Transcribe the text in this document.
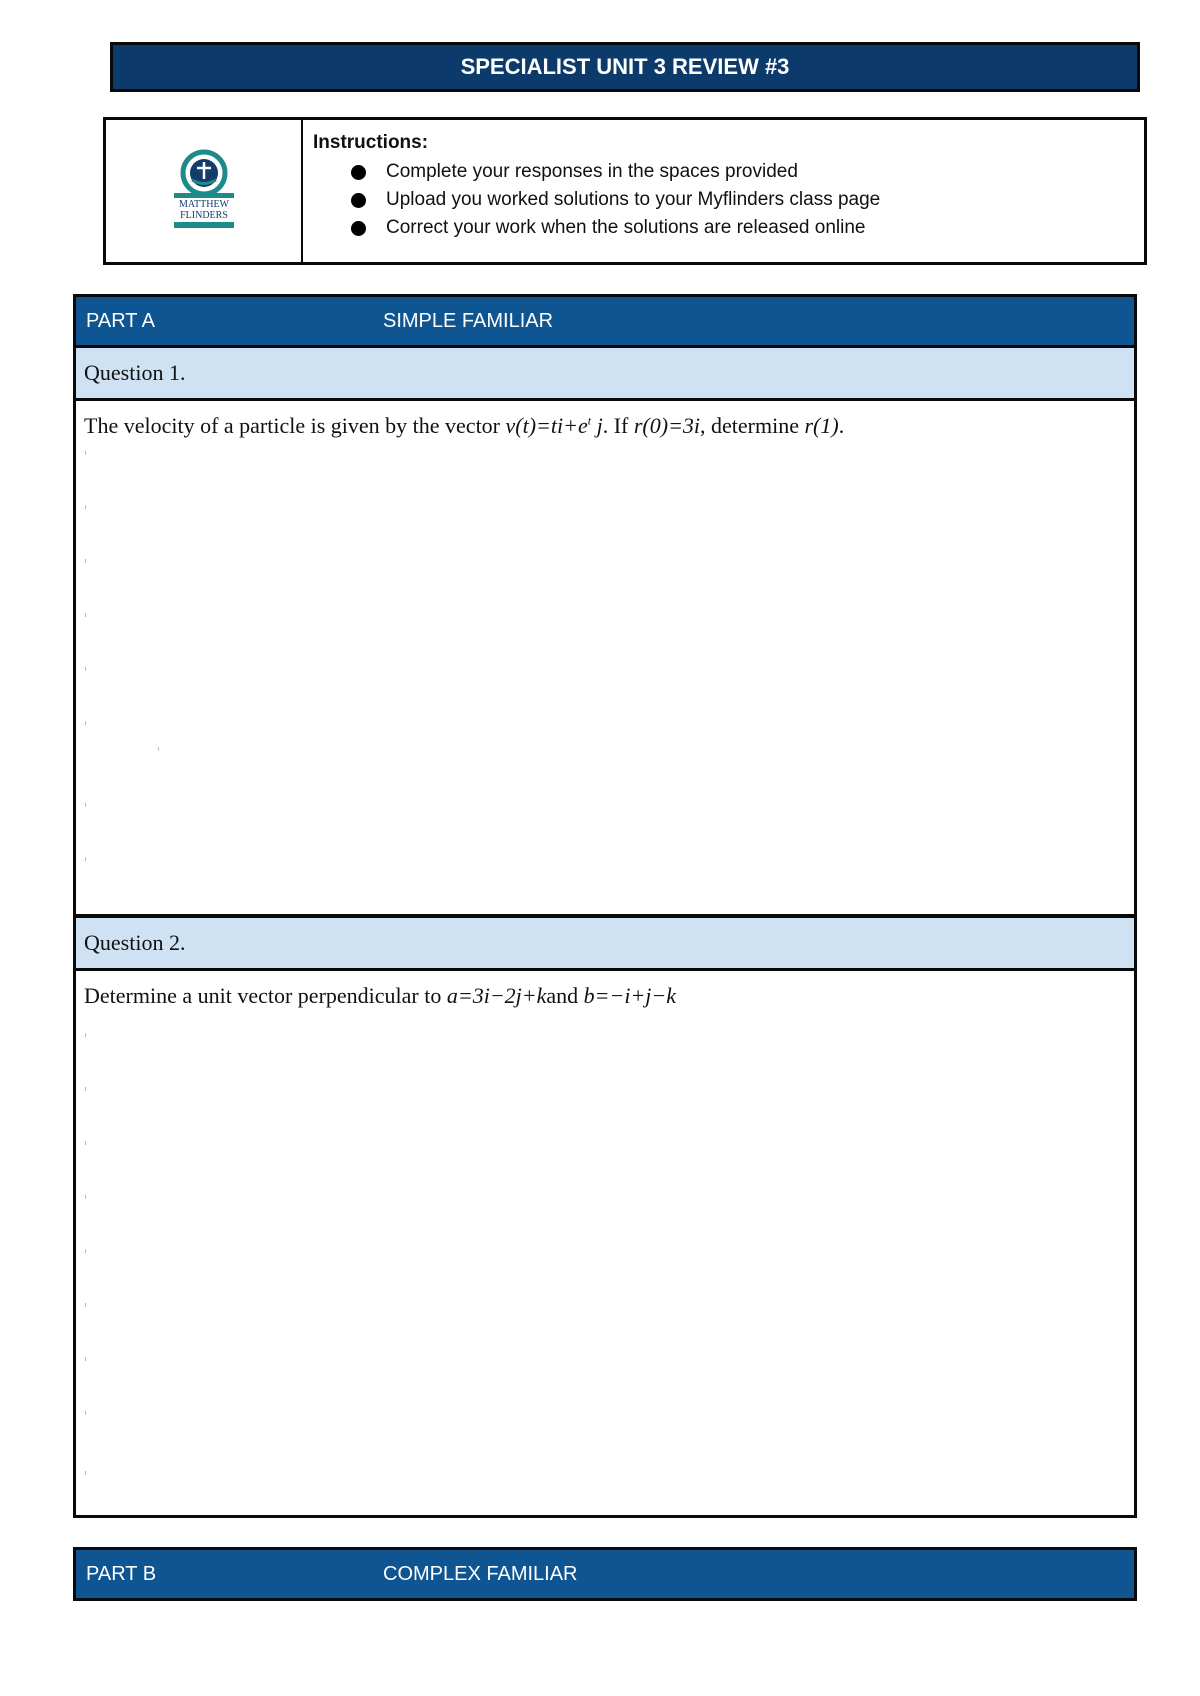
SPECIALIST UNIT 3 REVIEW #3
MATTHEW
FLINDERS
Instructions:
Complete your responses in the spaces provided
Upload you worked solutions to your Myflinders class page
Correct your work when the solutions are released online
PART A	SIMPLE FAMILIAR
Question 1.
The velocity of a particle is given by the vector $v(t)=ti+e^t$ j. If r(0)=3i, determine r(1).
Question 2.
Determine a unit vector perpendicular to a=3i−2j+kand b=−i+j−k
PART B	COMPLEX FAMILIAR
